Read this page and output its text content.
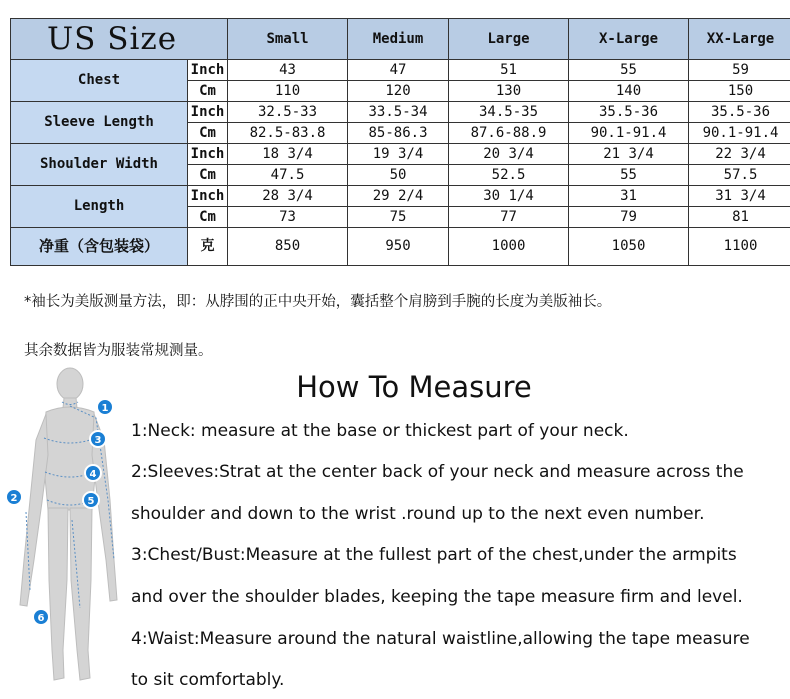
US Size		Small	Medium	Large	X-Large	XX-Large
Chest	Inch	43	47	51	55	59
	Cm	110	120	130	140	150
Sleeve Length	Inch	32.5-33	33.5-34	34.5-35	35.5-36	35.5-36
	Cm	82.5-83.8	85-86.3	87.6-88.9	90.1-91.4	90.1-91.4
Shoulder Width	Inch	18 3/4	19 3/4	20 3/4	21 3/4	22 3/4
	Cm	47.5	50	52.5	55	57.5
Length	Inch	28 3/4	29 2/4	30 1/4	31	31 3/4
	Cm	73	75	77	79	81
净重（含包装袋）	克	850	950	1000	1050	1100
*袖长为美版测量方法，即：从脖围的正中央开始，囊括整个肩膀到手腕的长度为美版袖长。
其余数据皆为服装常规测量。
1
2
3
4
5
6
How To Measure
1:Neck: measure at the base or thickest part of your neck.
2:Sleeves:Strat at the center back of your neck and measure across the
shoulder and down to the wrist .round up to the next even number.
3:Chest/Bust:Measure at the fullest part of the chest,under the armpits
and over the shoulder blades, keeping the tape measure firm and level.
4:Waist:Measure around the natural waistline,allowing the tape measure
to sit comfortably.
